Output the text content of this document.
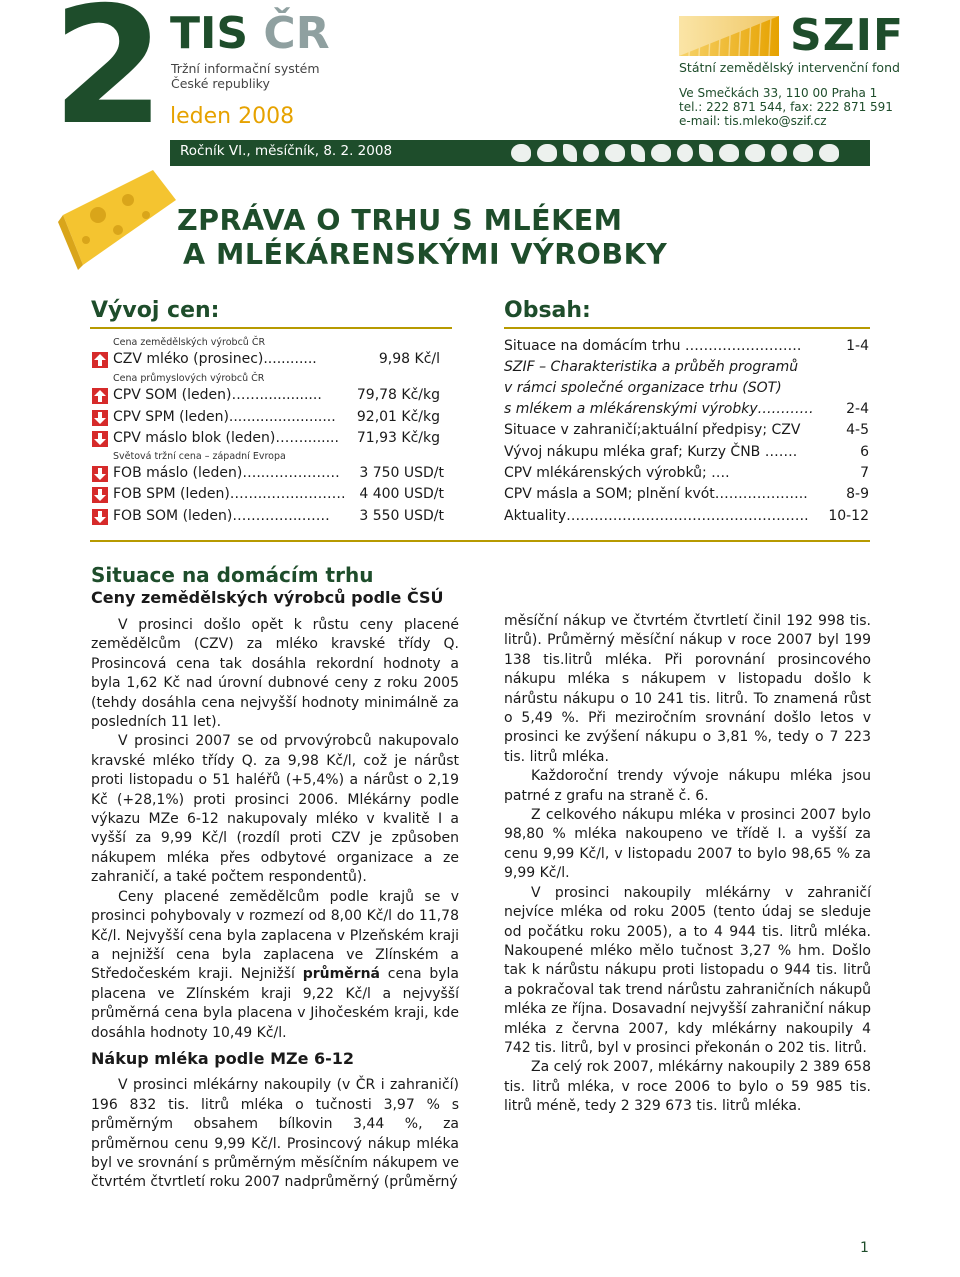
2 TIS ČR
Tržní informační systém
České republiky
leden 2008
Ročník VI., měsíčník, 8. 2. 2008
SZIF
Státní zemědělský intervenční fond
Ve Smečkách 33, 110 00 Praha 1
tel.: 222 871 544, fax: 222 871 591
e-mail: tis.mleko@szif.cz
ZPRÁVA O TRHU S MLÉKEM
A MLÉKÁRENSKÝMI VÝROBKY
Vývoj cen:
Cena zemědělských výrobců ČR
CZV mléko (prosinec)............	9,98 Kč/l
Cena průmyslových výrobců ČR
CPV SOM (leden)……..............	79,78 Kč/kg
CPV SPM (leden)........................ 92,01 Kč/kg
CPV máslo blok (leden)……........ 71,93 Kč/kg
Světová tržní cena – západní Evropa
FOB máslo (leden)…...…………… 3 750 USD/t
FOB SPM (leden)……..……..……… 4 400 USD/t
FOB SOM (leden)……….…..…… 3 550 USD/t
Obsah:
Situace na domácím trhu …………………….	1-4
SZIF – Charakteristika a průběh programů
v rámci společné organizace trhu (SOT)
s mlékem a mlékárenskými výrobky………… 2-4
Situace v zahraničí;aktuální předpisy; CZV	4-5
Vývoj nákupu mléka graf; Kurzy ČNB …….	6
CPV mlékárenských výrobků; ….	7
CPV másla a SOM; plnění kvót………………..	8-9
Aktuality……………………………………………. 10-12
Situace na domácím trhu
Ceny zemědělských výrobců podle ČSÚ

V prosinci došlo opět k růstu ceny placené zemědělcům (CZV) za mléko kravské třídy Q. Prosincová cena tak dosáhla rekordní hodnoty a byla 1,62 Kč nad úrovní dubnové ceny z roku 2005 (tehdy dosáhla cena nejvyšší hodnoty minimálně za posledních 11 let).

V prosinci 2007 se od prvovýrobců nakupovalo kravské mléko třídy Q. za 9,98 Kč/l, což je nárůst proti listopadu o 51 haléřů (+5,4%) a nárůst o 2,19 Kč (+28,1%) proti prosinci 2006. Mlékárny podle výkazu MZe 6-12 nakupovaly mléko v kvalitě I a vyšší za 9,99 Kč/l (rozdíl proti CZV je způsoben nákupem mléka přes odbytové organizace a ze zahraničí, a také počtem respondentů).

Ceny placené zemědělcům podle krajů se v prosinci pohybovaly v rozmezí od 8,00 Kč/l do 11,78 Kč/l. Nejvyšší cena byla zaplacena v Plzeňském kraji a nejnižší cena byla zaplacena ve Zlínském a Středočeském kraji. Nejnižší průměrná cena byla placena ve Zlínském kraji 9,22 Kč/l a nejvyšší průměrná cena byla placena v Jihočeském kraji, kde dosáhla hodnoty 10,49 Kč/l.

Nákup mléka podle MZe 6-12

V prosinci mlékárny nakoupily (v ČR i zahraničí) 196 832 tis. litrů mléka o tučnosti 3,97 % s průměrným obsahem bílkovin 3,44 %, za průměrnou cenu 9,99 Kč/l. Prosincový nákup mléka byl ve srovnání s průměrným měsíčním nákupem ve čtvrtém čtvrtletí roku 2007 nadprůměrný (průměrný

měsíční nákup ve čtvrtém čtvrtletí činil 192 998 tis. litrů). Průměrný měsíční nákup v roce 2007 byl 199 138 tis.litrů mléka. Při porovnání prosincového nákupu mléka s nákupem v listopadu došlo k nárůstu nákupu o 10 241 tis. litrů. To znamená růst o 5,49 %. Při meziročním srovnání došlo letos v prosinci ke zvýšení nákupu o 3,81 %, tedy o 7 223 tis. litrů mléka.

Každoroční trendy vývoje nákupu mléka jsou patrné z grafu na straně č. 6.

Z celkového nákupu mléka v prosinci 2007 bylo 98,80 % mléka nakoupeno ve třídě I. a vyšší za cenu 9,99 Kč/l, v listopadu 2007 to bylo 98,65 % za 9,99 Kč/l.

V prosinci nakoupily mlékárny v zahraničí nejvíce mléka od roku 2005 (tento údaj se sleduje od počátku roku 2005), a to 4 944 tis. litrů mléka. Nakoupené mléko mělo tučnost 3,27 % hm. Došlo tak k nárůstu nákupu proti listopadu o 944 tis. litrů a pokračoval tak trend nárůstu zahraničních nákupů mléka ze října. Dosavadní nejvyšší zahraniční nákup mléka z června 2007, kdy mlékárny nakoupily 4 742 tis. litrů, byl v prosinci překonán o 202 tis. litrů.

Za celý rok 2007, mlékárny nakoupily 2 389 658 tis. litrů mléka, v roce 2006 to bylo o 59 985 tis. litrů méně, tedy 2 329 673 tis. litrů mléka.

1
